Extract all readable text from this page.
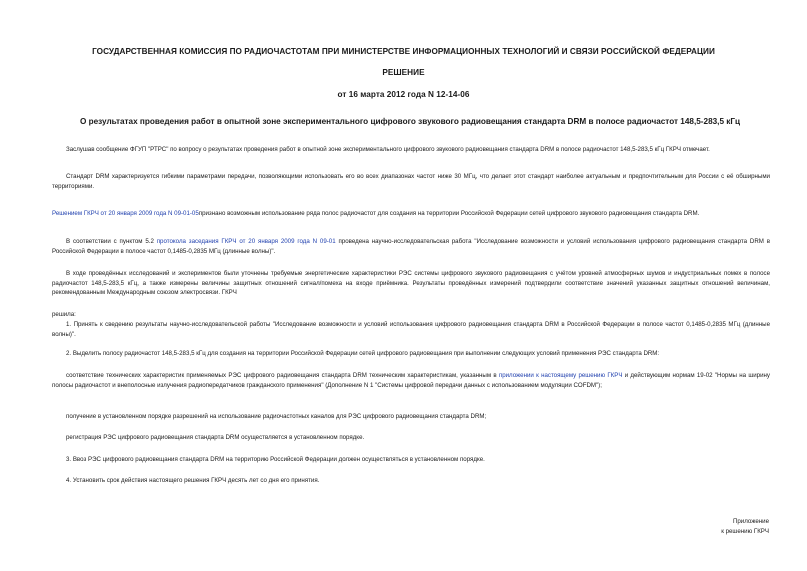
ГОСУДАРСТВЕННАЯ КОМИССИЯ ПО РАДИОЧАСТОТАМ ПРИ МИНИСТЕРСТВЕ ИНФОРМАЦИОННЫХ ТЕХНОЛОГИЙ И СВЯЗИ РОССИЙСКОЙ ФЕДЕРАЦИИ
РЕШЕНИЕ
от 16 марта 2012 года N 12-14-06
О результатах проведения работ в опытной зоне экспериментального цифрового звукового радиовещания стандарта DRM в полосе радиочастот 148,5-283,5 кГц

Заслушав сообщение ФГУП "РТРС" по вопросу о результатах проведения работ в опытной зоне экспериментального цифрового звукового радиовещания стандарта DRM в полосе радиочастот 148,5-283,5 кГц ГКРЧ отмечает.

Стандарт DRM характеризуется гибкими параметрами передачи, позволяющими использовать его во всех диапазонах частот ниже 30 МГц, что делает этот стандарт наиболее актуальным и предпочтительным для России с её обширными территориями.

Решением ГКРЧ от 20 января 2009 года N 09-01-05признано возможным использование ряда полос радиочастот для создания на территории Российской Федерации сетей цифрового звукового радиовещания стандарта DRM.

В соответствии с пунктом 5.2 протокола заседания ГКРЧ от 20 января 2009 года N 09-01 проведена научно-исследовательская работа "Исследование возможности и условий использования цифрового радиовещания стандарта DRM в Российской Федерации в полосе частот 0,1485-0,2835 МГц (длинные волны)".

В ходе проведённых исследований и экспериментов были уточнены требуемые энергетические характеристики РЭС системы цифрового звукового радиовещания с учётом уровней атмосферных шумов и индустриальных помех в полосе радиочастот 148,5-283,5 кГц, а также измерены величины защитных отношений сигнал/помеха на входе приёмника. Результаты проведённых измерений подтвердили соответствие значений указанных защитных отношений величинам, рекомендованным Международным союзом электросвязи. ГКРЧ

решила:

1. Принять к сведению результаты научно-исследовательской работы "Исследование возможности и условий использования цифрового радиовещания стандарта DRM в Российской Федерации в полосе частот 0,1485-0,2835 МГц (длинные волны)".

2. Выделить полосу радиочастот 148,5-283,5 кГц для создания на территории Российской Федерации сетей цифрового радиовещания при выполнении следующих условий применения РЭС стандарта DRM:

соответствие технических характеристик применяемых РЭС цифрового радиовещания стандарта DRM техническим характеристикам, указанным в приложении к настоящему решению ГКРЧ и действующим нормам 19-02 "Нормы на ширину полосы радиочастот и внеполосные излучения радиопередатчиков гражданского применения" (Дополнение N 1 "Системы цифровой передачи данных с использованием модуляции COFDM");

получение в установленном порядке разрешений на использование радиочастотных каналов для РЭС цифрового радиовещания стандарта DRM;

регистрация РЭС цифрового радиовещания стандарта DRM осуществляется в установленном порядке.

3. Ввоз РЭС цифрового радиовещания стандарта DRM на территорию Российской Федерации должен осуществляться в установленном порядке.

4. Установить срок действия настоящего решения ГКРЧ десять лет со дня его принятия.

Приложение

к решению ГКРЧ
